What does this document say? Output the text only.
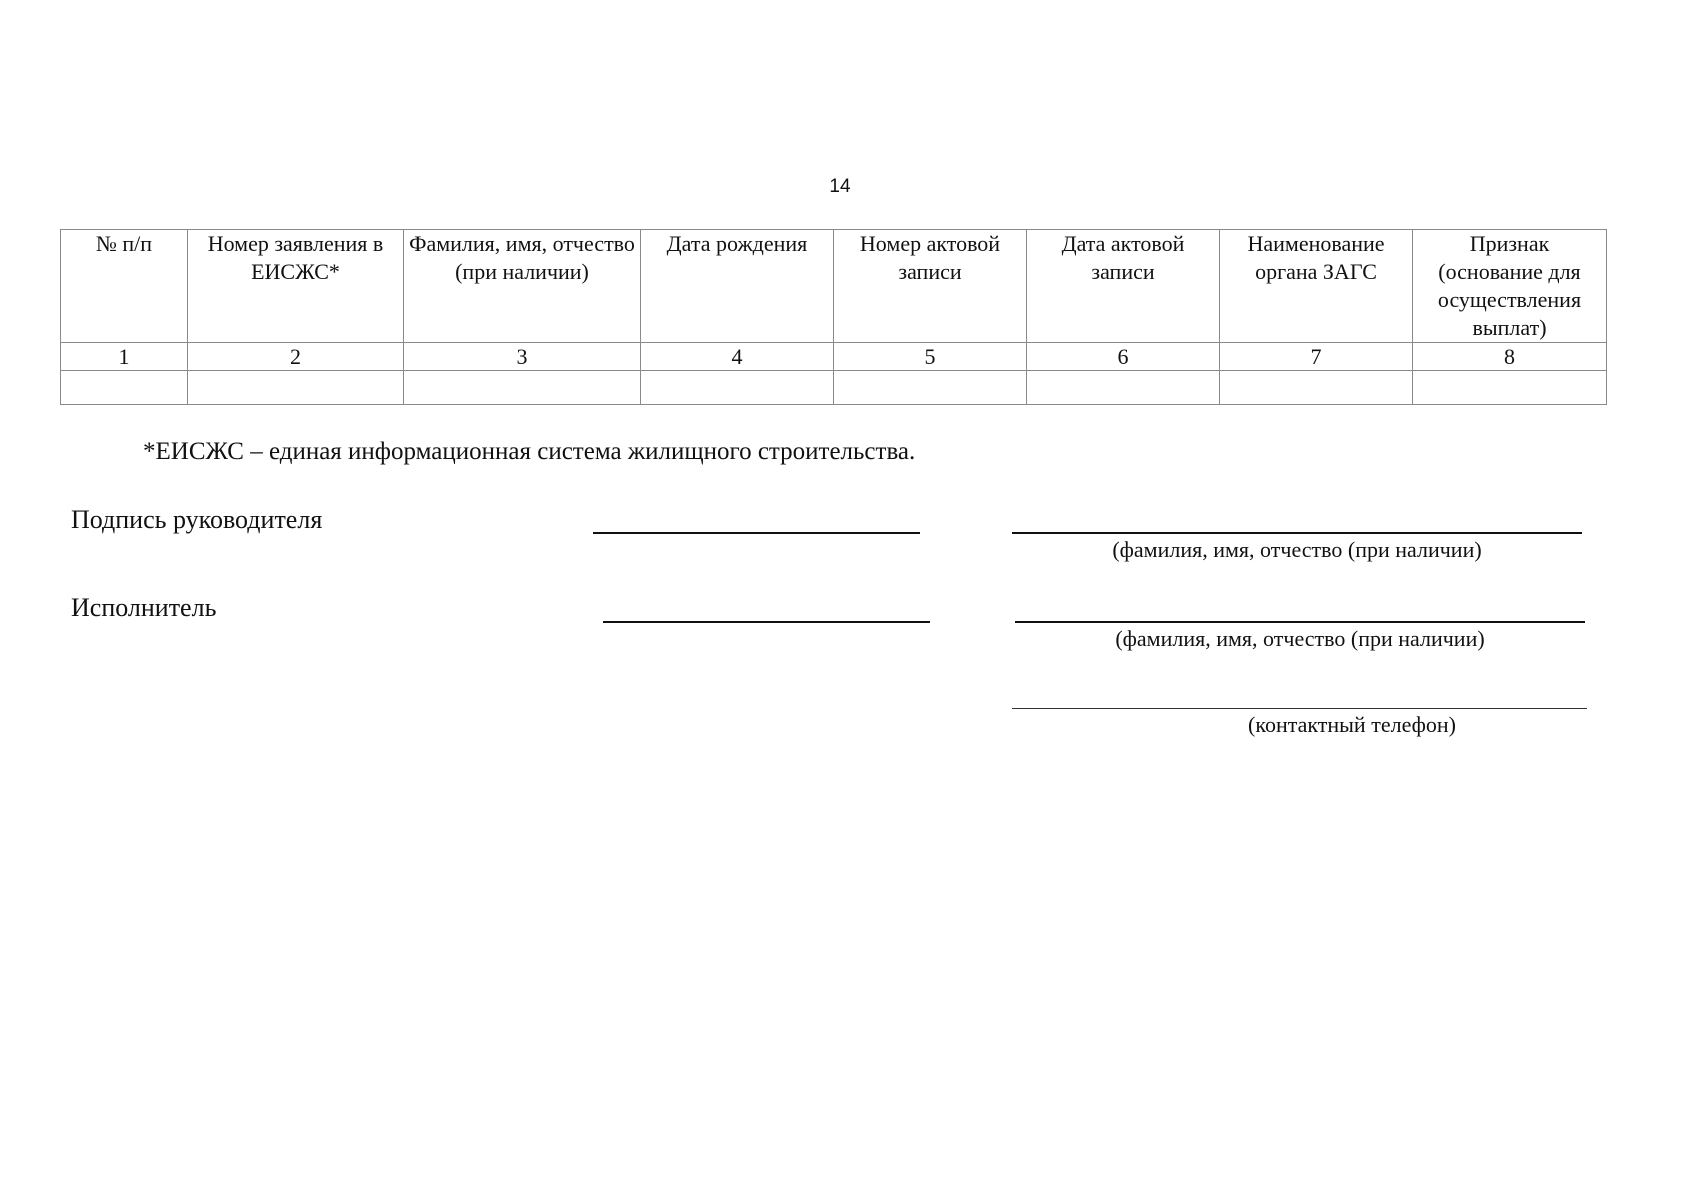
14
№ п/п	Номер заявления в ЕИСЖС*	Фамилия, имя, отчество (при наличии)	Дата рождения	Номер актовой записи	Дата актовой записи	Наименование органа ЗАГС	Признак (основание для осуществления выплат)
1	2	3	4	5	6	7	8

*ЕИСЖС – единая информационная система жилищного строительства.
Подпись руководителя
(фамилия, имя, отчество (при наличии)
Исполнитель
(фамилия, имя, отчество (при наличии)
(контактный телефон)
